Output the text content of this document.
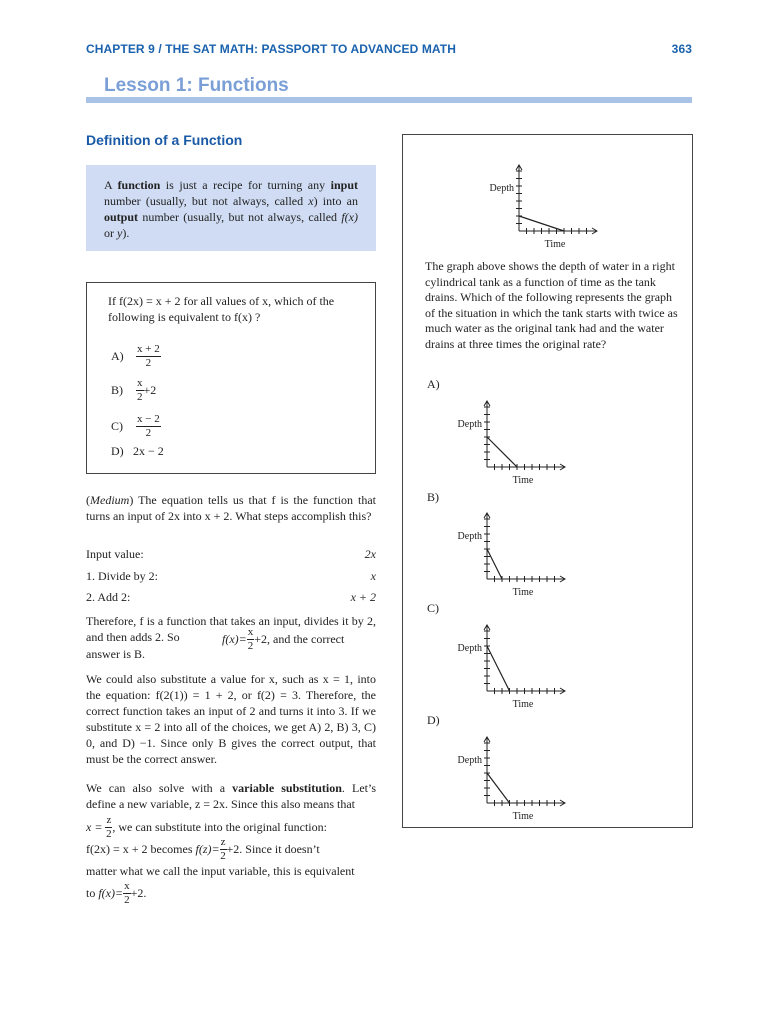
CHAPTER 9 / THE SAT MATH: PASSPORT TO ADVANCED MATH	363
Lesson 1: Functions
Definition of a Function

A function is just a recipe for turning any input number (usually, but not always, called x) into an output number (usually, but not always, called f(x) or y).

If f(2x) = x + 2 for all values of x, which of the following is equivalent to f(x) ?
$A) \frac{x + 2}{2}$
$B) \frac{x}{2} +2$
$C) \frac{x - 2}{2}$
D) 2x − 2
(Medium) The equation tells us that f is the function that turns an input of 2x into x + 2. What steps accomplish this?
Input value:	2x
1. Divide by 2:	x
2. Add 2:	x + 2
Therefore, f is a function that takes an input, divides it by 2, and then adds 2. So
answer is B.
$f(x)= \frac{x}{2} +2$, and the correct
We could also substitute a value for x, such as x = 1, into the equation: f(2(1)) = 1 + 2, or f(2) = 3. Therefore, the correct function takes an input of 2 and turns it into 3. If we substitute x = 2 into all of the choices, we get A) 2, B) 3, C) 0, and D) −1. Since only B gives the correct output, that must be the correct answer.
We can also solve with a variable substitution. Let’s define a new variable, z = 2x. Since this also means that
$x = \frac{z}{2}$ , we can substitute into the original function:
f(2x) = x + 2 becomes $f(z)= \frac{z}{2} +2$. Since it doesn’t
matter what we call the input variable, this is equivalent
to $f(x)= \frac{x}{2} +2$.
Depth
Time
The graph above shows the depth of water in a right cylindrical tank as a function of time as the tank drains. Which of the following represents the graph of the situation in which the tank starts with twice as much water as the original tank had and the water drains at three times the original rate?
A)
Depth
Time
B)
Depth
Time
C)
Depth
Time
D)
Depth
Time
